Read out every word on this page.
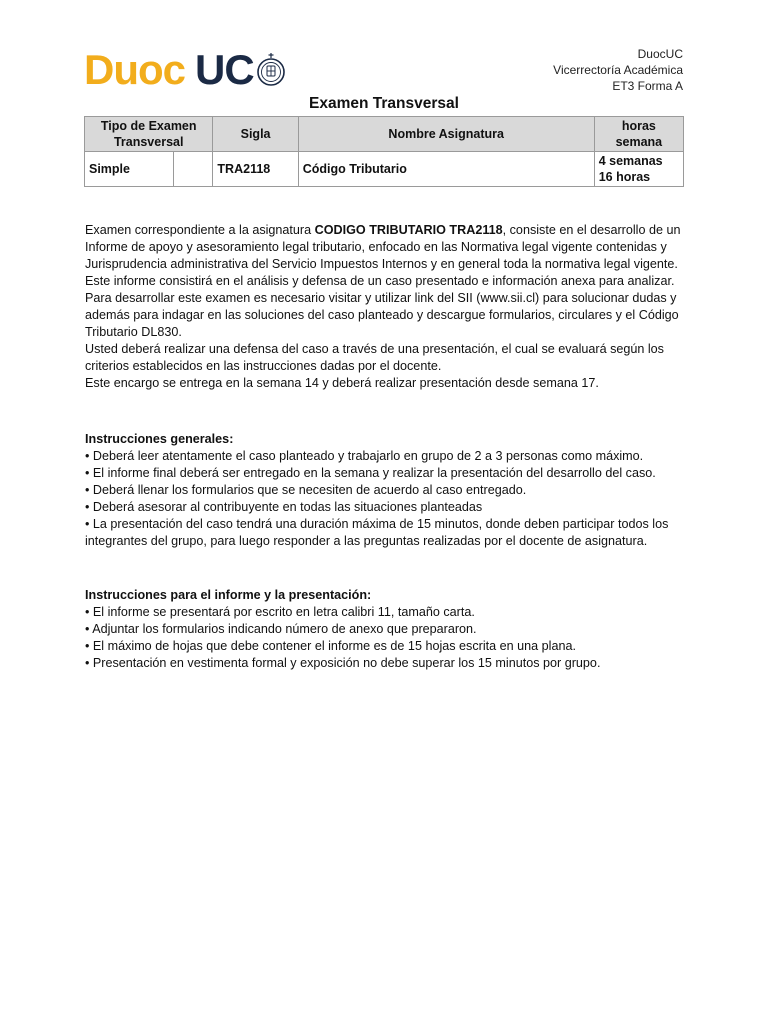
Duoc UC	DuocUC
Vicerrectoría Académica
ET3 Forma A
Examen Transversal
Tipo de Examen Transversal		Sigla	Nombre Asignatura	horas semana
Simple		TRA2118	Código Tributario	4 semanas
16 horas

Examen correspondiente a la asignatura CODIGO TRIBUTARIO TRA2118, consiste en el desarrollo de un Informe de apoyo y asesoramiento legal tributario, enfocado en las Normativa legal vigente contenidas y Jurisprudencia administrativa del Servicio Impuestos Internos y en general toda la normativa legal vigente.

Este informe consistirá en el análisis y defensa de un caso presentado e información anexa para analizar.

Para desarrollar este examen es necesario visitar y utilizar link del SII (www.sii.cl) para solucionar dudas y además para indagar en las soluciones del caso planteado y descargue formularios, circulares y el Código Tributario DL830.

Usted deberá realizar una defensa del caso a través de una presentación, el cual se evaluará según los criterios establecidos en las instrucciones dadas por el docente.

Este encargo se entrega en la semana 14 y deberá realizar presentación desde semana 17.

Instrucciones generales:

• Deberá leer atentamente el caso planteado y trabajarlo en grupo de 2 a 3 personas como máximo.

• El informe final deberá ser entregado en la semana y realizar la presentación del desarrollo del caso.

• Deberá llenar los formularios que se necesiten de acuerdo al caso entregado.

• Deberá asesorar al contribuyente en todas las situaciones planteadas

• La presentación del caso tendrá una duración máxima de 15 minutos, donde deben participar todos los integrantes del grupo, para luego responder a las preguntas realizadas por el docente de asignatura.

Instrucciones para el informe y la presentación:

• El informe se presentará por escrito en letra calibri 11, tamaño carta.

• Adjuntar los formularios indicando número de anexo que prepararon.

• El máximo de hojas que debe contener el informe es de 15 hojas escrita en una plana.

• Presentación en vestimenta formal y exposición no debe superar los 15 minutos por grupo.
